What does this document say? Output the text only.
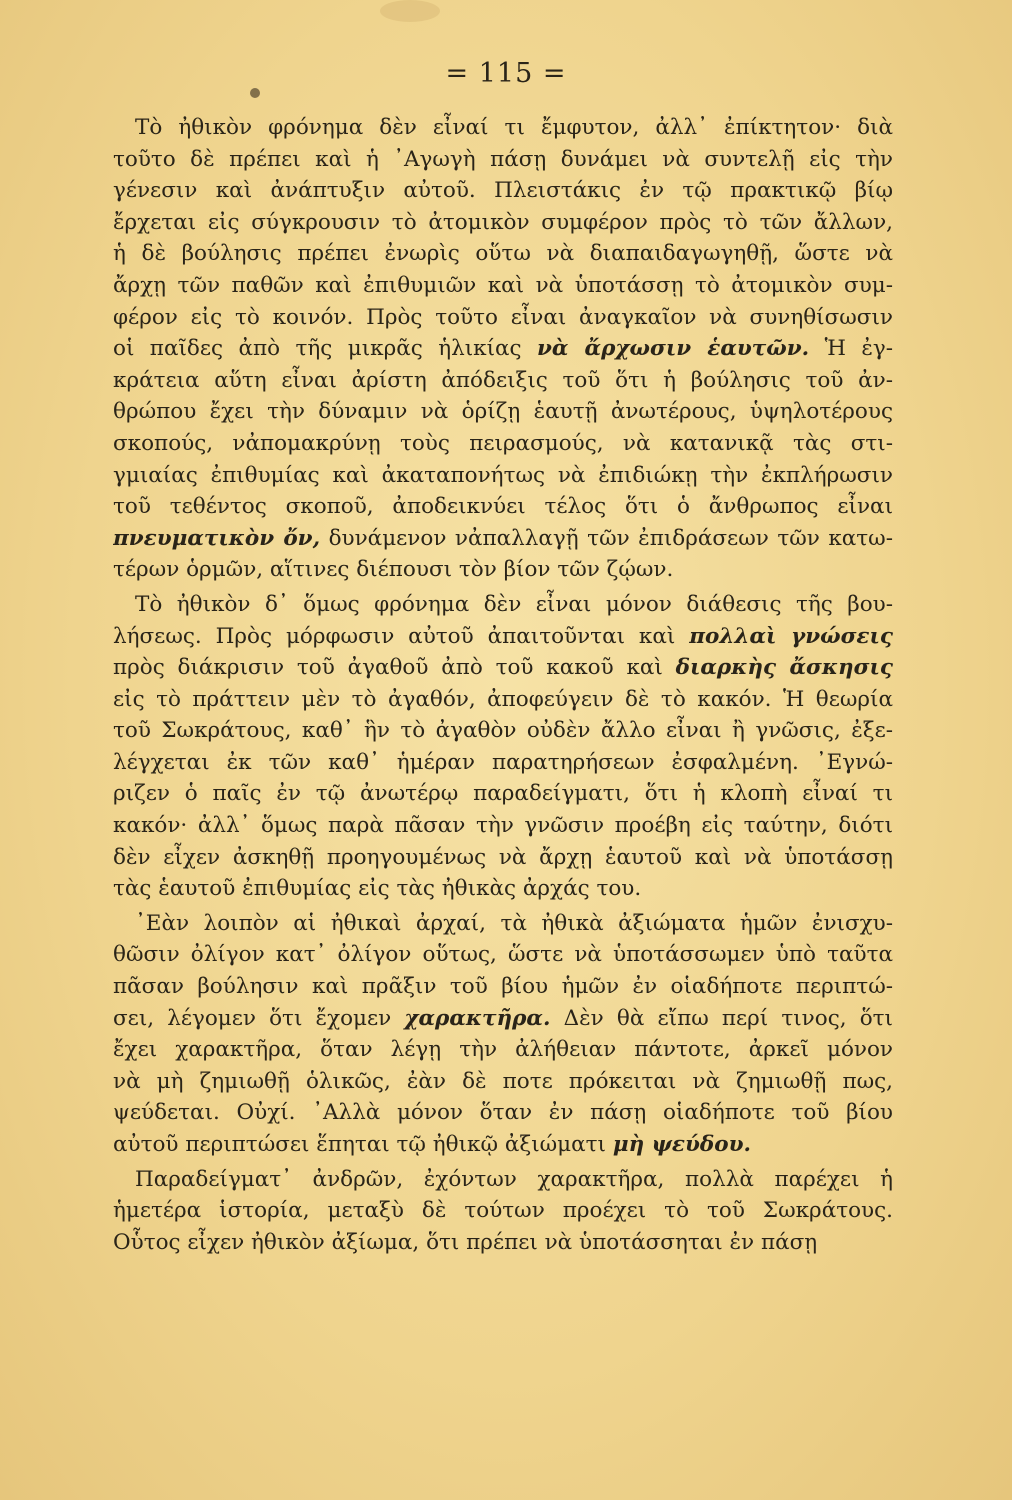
= 115 =
Τὸ ἠθικὸν φρόνημα δὲν εἶναί τι ἔμφυτον, ἀλλ᾽ ἐπίκτητον· διὰ
τοῦτο δὲ πρέπει καὶ ἡ ᾽Αγωγὴ πάσῃ δυνάμει νὰ συντελῇ εἰς τὴν
γένεσιν καὶ ἀνάπτυξιν αὐτοῦ. Πλειστάκις ἐν τῷ πρακτικῷ βίῳ
ἔρχεται εἰς σύγκρουσιν τὸ ἀτομικὸν συμφέρον πρὸς τὸ τῶν ἄλλων,
ἡ δὲ βούλησις πρέπει ἐνωρὶς οὕτω νὰ διαπαιδαγωγηθῇ, ὥστε νὰ
ἄρχῃ τῶν παθῶν καὶ ἐπιθυμιῶν καὶ νὰ ὑποτάσσῃ τὸ ἀτομικὸν συμ-
φέρον εἰς τὸ κοινόν. Πρὸς τοῦτο εἶναι ἀναγκαῖον νὰ συνηθίσωσιν
οἱ παῖδες ἀπὸ τῆς μικρᾶς ἡλικίας νὰ ἄρχωσιν ἑαυτῶν. Ἡ ἐγ-
κράτεια αὕτη εἶναι ἀρίστη ἀπόδειξις τοῦ ὅτι ἡ βούλησις τοῦ ἀν-
θρώπου ἔχει τὴν δύναμιν νὰ ὁρίζῃ ἑαυτῇ ἀνωτέρους, ὑψηλοτέρους
σκοπούς, νἀπομακρύνῃ τοὺς πειρασμούς, νὰ κατανικᾷ τὰς στι-
γμιαίας ἐπιθυμίας καὶ ἀκαταπονήτως νὰ ἐπιδιώκῃ τὴν ἐκπλήρωσιν
τοῦ τεθέντος σκοποῦ, ἀποδεικνύει τέλος ὅτι ὁ ἄνθρωπος εἶναι
πνευματικὸν ὄν, δυνάμενον νἀπαλλαγῇ τῶν ἐπιδράσεων τῶν κατω-
τέρων ὁρμῶν, αἵτινες διέπουσι τὸν βίον τῶν ζῴων.
Τὸ ἠθικὸν δ᾽ ὅμως φρόνημα δὲν εἶναι μόνον διάθεσις τῆς βου-
λήσεως. Πρὸς μόρφωσιν αὐτοῦ ἀπαιτοῦνται καὶ πολλαὶ γνώσεις
πρὸς διάκρισιν τοῦ ἀγαθοῦ ἀπὸ τοῦ κακοῦ καὶ διαρκὴς ἄσκησις
εἰς τὸ πράττειν μὲν τὸ ἀγαθόν, ἀποφεύγειν δὲ τὸ κακόν. Ἡ θεωρία
τοῦ Σωκράτους, καθ᾽ ἣν τὸ ἀγαθὸν οὐδὲν ἄλλο εἶναι ἢ γνῶσις, ἐξε-
λέγχεται ἐκ τῶν καθ᾽ ἡμέραν παρατηρήσεων ἐσφαλμένη. ᾽Εγνώ-
ριζεν ὁ παῖς ἐν τῷ ἀνωτέρῳ παραδείγματι, ὅτι ἡ κλοπὴ εἶναί τι
κακόν· ἀλλ᾽ ὅμως παρὰ πᾶσαν τὴν γνῶσιν προέβη εἰς ταύτην, διότι
δὲν εἶχεν ἀσκηθῇ προηγουμένως νὰ ἄρχῃ ἑαυτοῦ καὶ νὰ ὑποτάσσῃ
τὰς ἑαυτοῦ ἐπιθυμίας εἰς τὰς ἠθικὰς ἀρχάς του.
᾽Εὰν λοιπὸν αἱ ἠθικαὶ ἀρχαί, τὰ ἠθικὰ ἀξιώματα ἡμῶν ἐνισχυ-
θῶσιν ὀλίγον κατ᾽ ὀλίγον οὕτως, ὥστε νὰ ὑποτάσσωμεν ὑπὸ ταῦτα
πᾶσαν βούλησιν καὶ πρᾶξιν τοῦ βίου ἡμῶν ἐν οἱαδήποτε περιπτώ-
σει, λέγομεν ὅτι ἔχομεν χαρακτῆρα. Δὲν θὰ εἴπω περί τινος, ὅτι
ἔχει χαρακτῆρα, ὅταν λέγῃ τὴν ἀλήθειαν πάντοτε, ἀρκεῖ μόνον
νὰ μὴ ζημιωθῇ ὁλικῶς, ἐὰν δὲ ποτε πρόκειται νὰ ζημιωθῇ πως,
ψεύδεται. Οὐχί. ᾽Αλλὰ μόνον ὅταν ἐν πάσῃ οἱαδήποτε τοῦ βίου
αὐτοῦ περιπτώσει ἕπηται τῷ ἠθικῷ ἀξιώματι μὴ ψεύδου.
Παραδείγματ᾽ ἀνδρῶν, ἐχόντων χαρακτῆρα, πολλὰ παρέχει ἡ
ἡμετέρα ἱστορία, μεταξὺ δὲ τούτων προέχει τὸ τοῦ Σωκράτους.
Οὗτος εἶχεν ἠθικὸν ἀξίωμα, ὅτι πρέπει νὰ ὑποτάσσηται ἐν πάσῃ
